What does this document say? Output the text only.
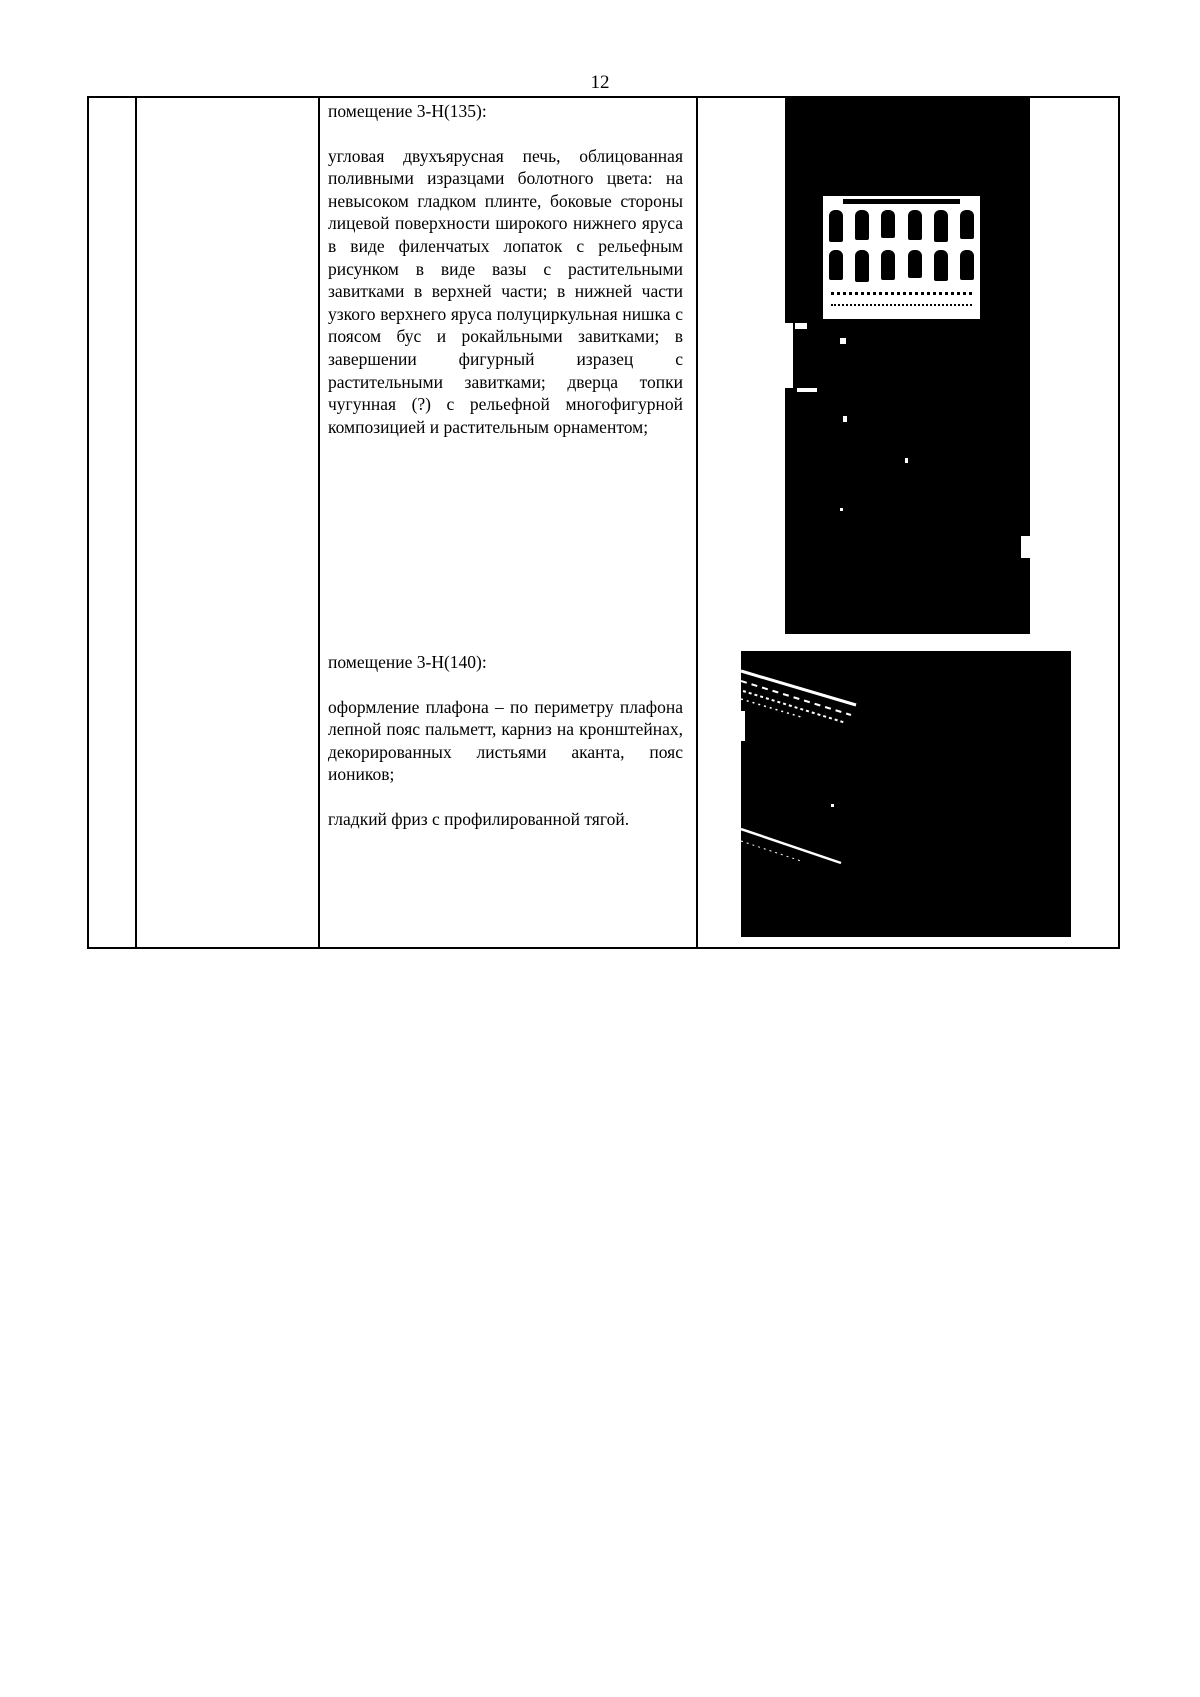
12

помещение 3-Н(135):

угловая двухъярусная печь, облицованная поливными изразцами болотного цвета: на невысоком гладком плинте, боковые стороны лицевой поверхности широкого нижнего яруса в виде филенчатых лопаток с рельефным рисунком в виде вазы с растительными завитками в верхней части; в нижней части узкого верхнего яруса полуциркульная нишка с поясом бус и рокайльными завитками; в завершении фигурный изразец с растительными завитками; дверца топки чугунная (?) с рельефной многофигурной композицией и растительным орнаментом;

помещение 3-Н(140):

оформление плафона – по периметру плафона лепной пояс пальметт, карниз на кронштейнах, декорированных листьями аканта, пояс иоников;

гладкий фриз с профилированной тягой.
